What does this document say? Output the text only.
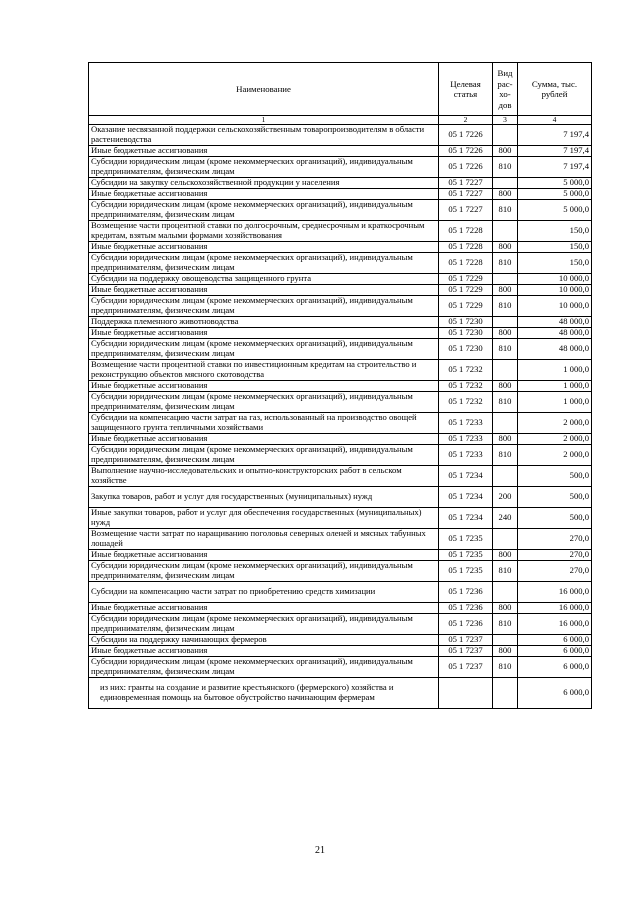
Наименование	Целевая статья	Вид рас-хо-дов	Сумма, тыс. рублей
1	2	3	4
Оказание несвязанной поддержки сельскохозяйственным товаропроизводителям в области растениеводства	05 1 7226		7 197,4
Иные бюджетные ассигнования	05 1 7226	800	7 197,4
Субсидии юридическим лицам (кроме некоммерческих организаций), индивидуальным предпринимателям, физическим лицам	05 1 7226	810	7 197,4
Субсидии на закупку сельскохозяйственной продукции у населения	05 1 7227		5 000,0
Иные бюджетные ассигнования	05 1 7227	800	5 000,0
Субсидии юридическим лицам (кроме некоммерческих организаций), индивидуальным предпринимателям, физическим лицам	05 1 7227	810	5 000,0
Возмещение части процентной ставки по долгосрочным, среднесрочным и краткосрочным кредитам, взятым малыми формами хозяйствования	05 1 7228		150,0
Иные бюджетные ассигнования	05 1 7228	800	150,0
Субсидии юридическим лицам (кроме некоммерческих организаций), индивидуальным предпринимателям, физическим лицам	05 1 7228	810	150,0
Субсидии на поддержку овощеводства защищенного грунта	05 1 7229		10 000,0
Иные бюджетные ассигнования	05 1 7229	800	10 000,0
Субсидии юридическим лицам (кроме некоммерческих организаций), индивидуальным предпринимателям, физическим лицам	05 1 7229	810	10 000,0
Поддержка племенного животноводства	05 1 7230		48 000,0
Иные бюджетные ассигнования	05 1 7230	800	48 000,0
Субсидии юридическим лицам (кроме некоммерческих организаций), индивидуальным предпринимателям, физическим лицам	05 1 7230	810	48 000,0
Возмещение части процентной ставки по инвестиционным кредитам на строительство и реконструкцию объектов мясного скотоводства	05 1 7232		1 000,0
Иные бюджетные ассигнования	05 1 7232	800	1 000,0
Субсидии юридическим лицам (кроме некоммерческих организаций), индивидуальным предпринимателям, физическим лицам	05 1 7232	810	1 000,0
Субсидии на компенсацию части затрат на газ, использованный на производство овощей защищенного грунта тепличными хозяйствами	05 1 7233		2 000,0
Иные бюджетные ассигнования	05 1 7233	800	2 000,0
Субсидии юридическим лицам (кроме некоммерческих организаций), индивидуальным предпринимателям, физическим лицам	05 1 7233	810	2 000,0
Выполнение научно-исследовательских и опытно-конструкторских работ в сельском хозяйстве	05 1 7234		500,0
Закупка товаров, работ и услуг для государственных (муниципальных) нужд	05 1 7234	200	500,0
Иные закупки товаров, работ и услуг для обеспечения государственных (муниципальных) нужд	05 1 7234	240	500,0
Возмещение части затрат по наращиванию поголовья северных оленей и мясных табунных лошадей	05 1 7235		270,0
Иные бюджетные ассигнования	05 1 7235	800	270,0
Субсидии юридическим лицам (кроме некоммерческих организаций), индивидуальным предпринимателям, физическим лицам	05 1 7235	810	270,0
Субсидии на компенсацию части затрат по приобретению средств химизации	05 1 7236		16 000,0
Иные бюджетные ассигнования	05 1 7236	800	16 000,0
Субсидии юридическим лицам (кроме некоммерческих организаций), индивидуальным предпринимателям, физическим лицам	05 1 7236	810	16 000,0
Субсидии на поддержку начинающих фермеров	05 1 7237		6 000,0
Иные бюджетные ассигнования	05 1 7237	800	6 000,0
Субсидии юридическим лицам (кроме некоммерческих организаций), индивидуальным предпринимателям, физическим лицам	05 1 7237	810	6 000,0
из них: гранты на создание и развитие крестьянского (фермерского) хозяйства и единовременная помощь на бытовое обустройство начинающим фермерам			6 000,0
21
